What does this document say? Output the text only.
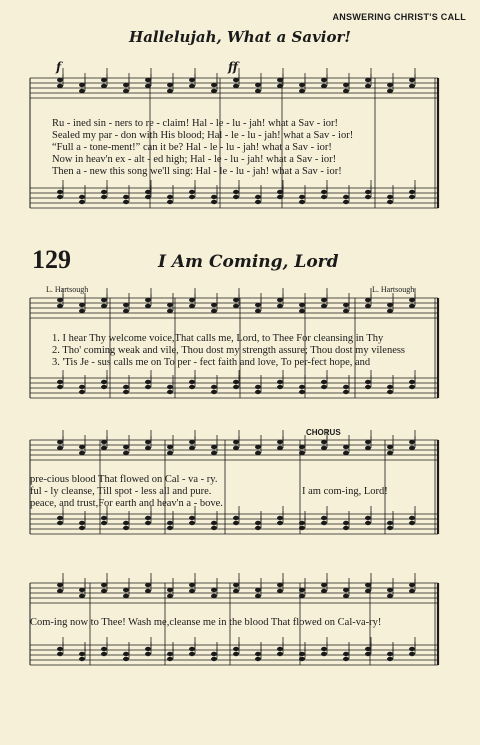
ANSWERING CHRIST'S CALL
Hallelujah, What a Savior!
129	I Am Coming, Lord
L. Hartsough	L. Hartsough
f	ff
Ru - ined sin - ners to re - claim! Hal - le - lu - jah! what a Sav - ior!
Sealed my par - don with His blood; Hal - le - lu - jah! what a Sav - ior!
“Full a - tone-ment!” can it be? Hal - le - lu - jah! what a Sav - ior!
Now in heav'n ex - alt - ed high; Hal - le - lu - jah! what a Sav - ior!
Then a - new this song we'll sing: Hal - le - lu - jah! what a Sav - ior!
1. I hear Thy welcome voice,That calls me, Lord, to Thee For cleansing in Thy
2. Tho' coming weak and vile, Thou dost my strength assure; Thou dost my vileness
3. 'Tis Je - sus calls me on To per - fect faith and love, To per-fect hope, and
pre-cious blood That flowed on Cal - va - ry.
ful - ly cleanse, Till spot - less all and pure.
peace, and trust,For earth and heav'n a - bove.
CHORUS
I am com-ing, Lord!
Com-ing now to Thee! Wash me,cleanse me in the blood That flowed on Cal-va-ry!
